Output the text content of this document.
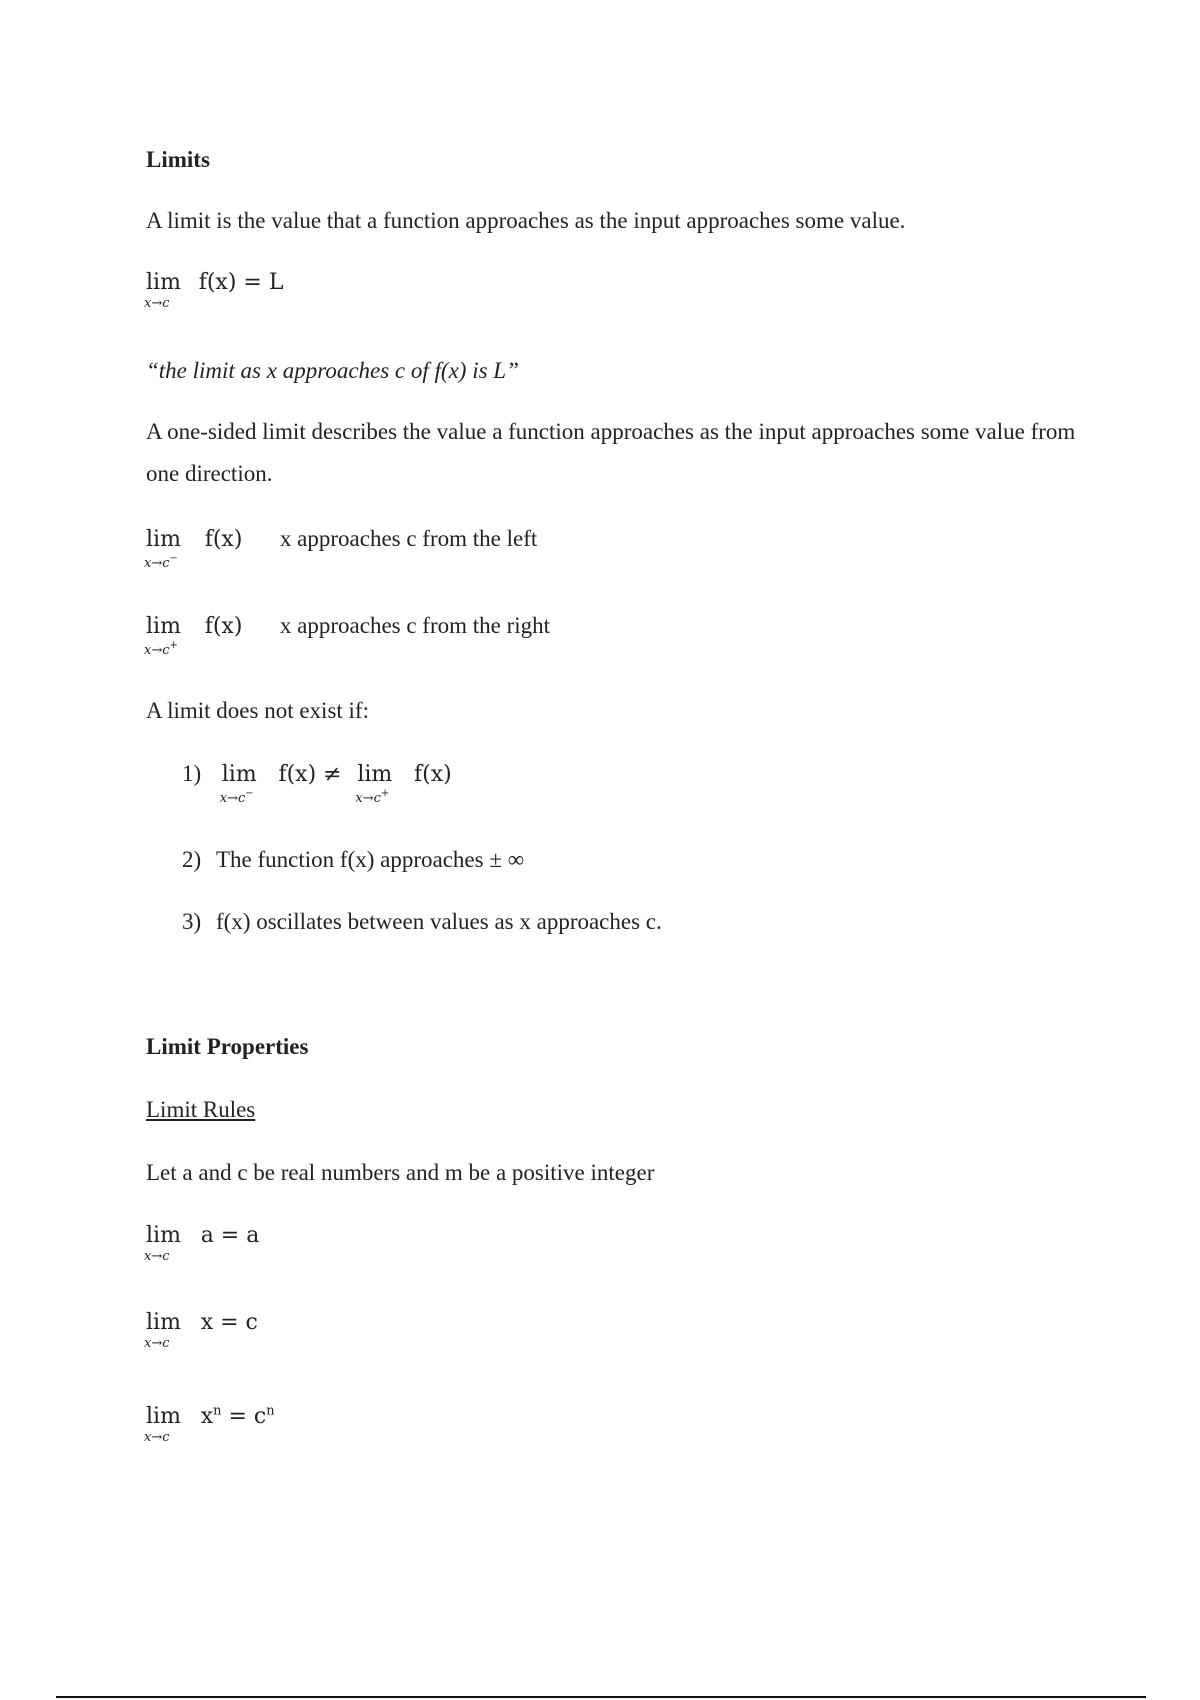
Limits
A limit is the value that a function approaches as the input approaches some value.
lim
x→c
f(x) = L
“the limit as x approaches c of f(x) is L”
A one-sided limit describes the value a function approaches as the input approaches some value from one direction.
lim
x→c−
f(x) x approaches c from the left
lim
x→c+
f(x) x approaches c from the right
A limit does not exist if:
1) lim
x→c−
f(x) ≠ lim
x→c+
f(x)
2) The function f(x) approaches ± ∞
3) f(x) oscillates between values as x approaches c.
Limit Properties
Limit Rules
Let a and c be real numbers and m be a positive integer
lim
x→c
a = a
lim
x→c
x = c
lim
x→c
$x^n = c^n$
